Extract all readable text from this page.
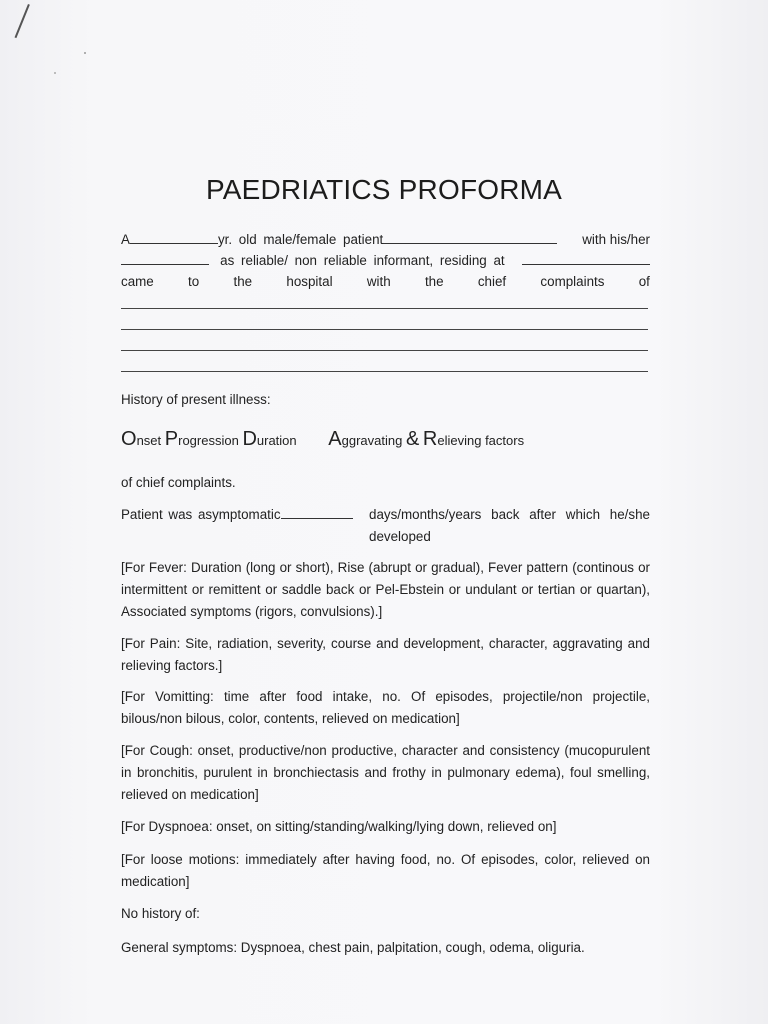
PAEDRIATICS PROFORMA
A	yr. old male/female patient	with his/her
as reliable/ non reliable informant, residing at
came	to	the	hospital	with	the	chief	complaints	of
History of present illness:
Onset Progression Duration Aggravating & Relieving factors
of chief complaints.
Patient was asymptomatic	days/months/years back after which he/she developed
[For Fever: Duration (long or short), Rise (abrupt or gradual), Fever pattern (continous or intermittent or remittent or saddle back or Pel-Ebstein or undulant or tertian or quartan), Associated symptoms (rigors, convulsions).]
[For Pain: Site, radiation, severity, course and development, character, aggravating and relieving factors.]
[For Vomitting: time after food intake, no. Of episodes, projectile/non projectile, bilous/non bilous, color, contents, relieved on medication]
[For Cough: onset, productive/non productive, character and consistency (mucopurulent in bronchitis, purulent in bronchiectasis and frothy in pulmonary edema), foul smelling, relieved on medication]
[For Dyspnoea: onset, on sitting/standing/walking/lying down, relieved on]
[For loose motions: immediately after having food, no. Of episodes, color, relieved on medication]
No history of:
General symptoms: Dyspnoea, chest pain, palpitation, cough, odema, oliguria.
